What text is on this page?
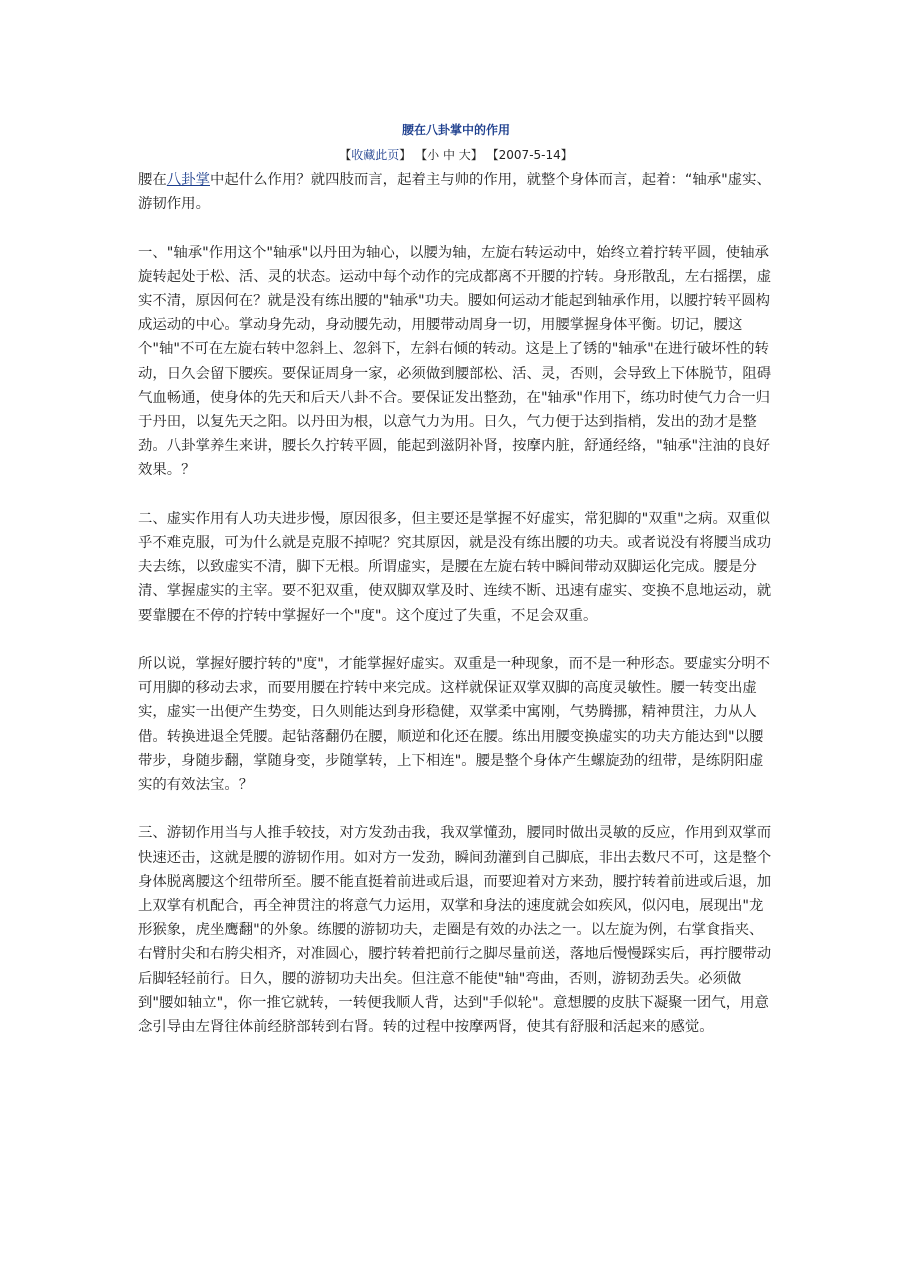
腰在八卦掌中的作用
【收藏此页】 【小 中 大】 【2007-5-14】

腰在八卦掌中起什么作用？就四肢而言，起着主与帅的作用，就整个身体而言，起着：“轴承"虚实、游韧作用。

一、"轴承"作用这个"轴承"以丹田为轴心，以腰为轴，左旋右转运动中，始终立着拧转平圆，使轴承旋转起处于松、活、灵的状态。运动中每个动作的完成都离不开腰的拧转。身形散乱，左右摇摆，虚实不清，原因何在？就是没有练出腰的"轴承"功夫。腰如何运动才能起到轴承作用，以腰拧转平圆构成运动的中心。掌动身先动，身动腰先动，用腰带动周身一切，用腰掌握身体平衡。切记，腰这个"轴"不可在左旋右转中忽斜上、忽斜下，左斜右倾的转动。这是上了锈的"轴承"在进行破坏性的转动，日久会留下腰疾。要保证周身一家，必须做到腰部松、活、灵，否则，会导致上下体脱节，阻碍气血畅通，使身体的先天和后天八卦不合。要保证发出整劲，在"轴承"作用下，练功时使气力合一归于丹田，以复先天之阳。以丹田为根，以意气力为用。日久，气力便于达到指梢，发出的劲才是整劲。八卦掌养生来讲，腰长久拧转平圆，能起到滋阴补肾，按摩内脏，舒通经络，"轴承"注油的良好效果。？

二、虚实作用有人功夫进步慢，原因很多，但主要还是掌握不好虚实，常犯脚的"双重"之病。双重似乎不难克服，可为什么就是克服不掉呢？究其原因，就是没有练出腰的功夫。或者说没有将腰当成功夫去练，以致虚实不清，脚下无根。所谓虚实，是腰在左旋右转中瞬间带动双脚运化完成。腰是分清、掌握虚实的主宰。要不犯双重，使双脚双掌及时、连续不断、迅速有虚实、变换不息地运动，就要靠腰在不停的拧转中掌握好一个"度"。这个度过了失重，不足会双重。

所以说，掌握好腰拧转的"度"，才能掌握好虚实。双重是一种现象，而不是一种形态。要虚实分明不可用脚的移动去求，而要用腰在拧转中来完成。这样就保证双掌双脚的高度灵敏性。腰一转变出虚实，虚实一出便产生势变，日久则能达到身形稳健，双掌柔中寓刚，气势腾挪，精神贯注，力从人借。转换进退全凭腰。起钻落翻仍在腰，顺逆和化还在腰。练出用腰变换虚实的功夫方能达到"以腰带步，身随步翻，掌随身变，步随掌转，上下相连"。腰是整个身体产生螺旋劲的纽带，是练阴阳虚实的有效法宝。？

三、游韧作用当与人推手较技，对方发劲击我，我双掌懂劲，腰同时做出灵敏的反应，作用到双掌而快速还击，这就是腰的游韧作用。如对方一发劲，瞬间劲灌到自己脚底，非出去数尺不可，这是整个身体脱离腰这个纽带所至。腰不能直挺着前进或后退，而要迎着对方来劲，腰拧转着前进或后退，加上双掌有机配合，再全神贯注的将意气力运用，双掌和身法的速度就会如疾风，似闪电，展现出"龙形猴象，虎坐鹰翻"的外象。练腰的游韧功夫，走圈是有效的办法之一。以左旋为例，右掌食指夹、右臂肘尖和右胯尖相齐，对准圆心，腰拧转着把前行之脚尽量前送，落地后慢慢踩实后，再拧腰带动后脚轻轻前行。日久，腰的游韧功夫出矣。但注意不能使"轴"弯曲，否则，游韧劲丢失。必须做到"腰如轴立"，你一推它就转，一转便我顺人背，达到"手似轮"。意想腰的皮肤下凝聚一团气，用意念引导由左肾往体前经脐部转到右肾。转的过程中按摩两肾，使其有舒服和活起来的感觉。
